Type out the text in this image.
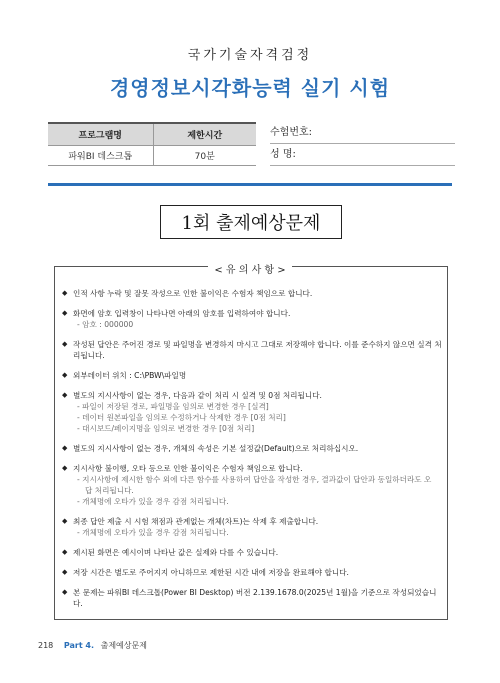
국가기술자격검정
경영정보시각화능력 실기 시험
프로그램명	제한시간
파워BI 데스크톱	70분
수험번호:
성 명:
1회 출제예상문제
< 유 의 사 항 >
◆ 인적 사항 누락 및 잘못 작성으로 인한 불이익은 수험자 책임으로 합니다.
◆ 화면에 암호 입력창이 나타나면 아래의 암호를 입력하여야 합니다.
- 암호 : 000000
◆ 작성된 답안은 주어진 경로 및 파일명을 변경하지 마시고 그대로 저장해야 합니다. 이를 준수하지 않으면 실격 처리됩니다.
◆ 외부데이터 위치 : C:\PBW\파일명
◆ 별도의 지시사항이 없는 경우, 다음과 같이 처리 시 실격 및 0점 처리됩니다.
- 파일이 저장된 경로, 파일명을 임의로 변경한 경우 [실격]
- 데이터 원본파일을 임의로 수정하거나 삭제한 경우 [0점 처리]
- 대시보드/페이지명을 임의로 변경한 경우 [0점 처리]
◆ 별도의 지시사항이 없는 경우, 개체의 속성은 기본 설정값(Default)으로 처리하십시오.
◆ 지시사항 불이행, 오타 등으로 인한 불이익은 수험자 책임으로 합니다.
- 지시사항에 제시한 함수 외에 다른 함수를 사용하여 답안을 작성한 경우, 결과값이 답안과 동일하더라도 오
답 처리됩니다.
- 개체명에 오타가 있을 경우 감점 처리됩니다.
◆ 최종 답안 제출 시 시험 채점과 관계없는 개체(차트)는 삭제 후 제출합니다.
- 개체명에 오타가 있을 경우 감점 처리됩니다.
◆ 제시된 화면은 예시이며 나타난 값은 실제와 다를 수 있습니다.
◆ 저장 시간은 별도로 주어지지 아니하므로 제한된 시간 내에 저장을 완료해야 합니다.
◆ 본 문제는 파워BI 데스크톱(Power BI Desktop) 버전 2.139.1678.0(2025년 1월)을 기준으로 작성되었습니다.
218 Part 4. 출제예상문제
